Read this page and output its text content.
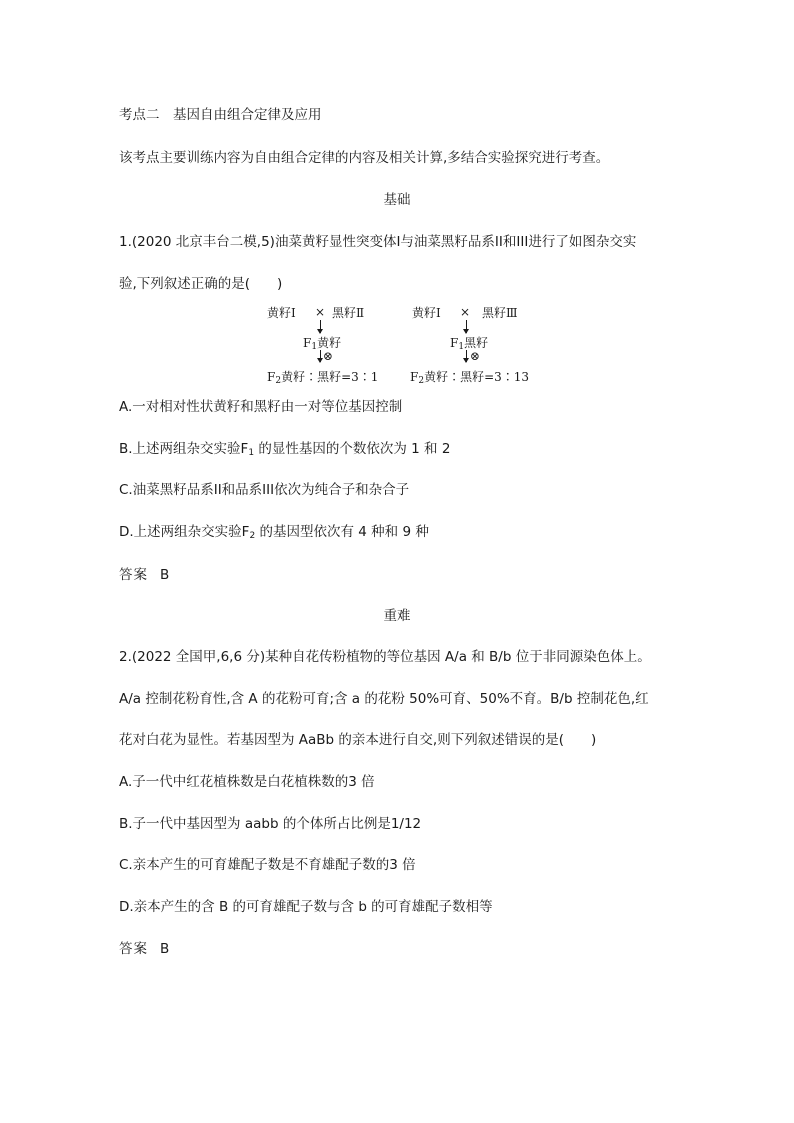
考点二　基因自由组合定律及应用
该考点主要训练内容为自由组合定律的内容及相关计算,多结合实验探究进行考查。
基础
1.(2020 北京丰台二模,5)油菜黄籽显性突变体I与油菜黑籽品系II和III进行了如图杂交实
验,下列叙述正确的是(　　)
黄籽Ⅰ × 黑籽Ⅱ
$F_1$黄籽
⊗
$F_2$黄籽∶黑籽=3∶1
黄籽Ⅰ × 黑籽Ⅲ
$F_1$黑籽
⊗
$F_2$黄籽∶黑籽=3∶13
A.一对相对性状黄籽和黑籽由一对等位基因控制
B.上述两组杂交实验$F_1$ 的显性基因的个数依次为 1 和 2
C.油菜黑籽品系II和品系III依次为纯合子和杂合子
D.上述两组杂交实验$F_2$ 的基因型依次有 4 种和 9 种
答案 B
重难
2.(2022 全国甲,6,6 分)某种自花传粉植物的等位基因 A/a 和 B/b 位于非同源染色体上。
A/a 控制花粉育性,含 A 的花粉可育;含 a 的花粉 50%可育、50%不育。B/b 控制花色,红
花对白花为显性。若基因型为 AaBb 的亲本进行自交,则下列叙述错误的是(　　)
A.子一代中红花植株数是白花植株数的3 倍
B.子一代中基因型为 aabb 的个体所占比例是1/12
C.亲本产生的可育雄配子数是不育雄配子数的3 倍
D.亲本产生的含 B 的可育雄配子数与含 b 的可育雄配子数相等
答案 B
